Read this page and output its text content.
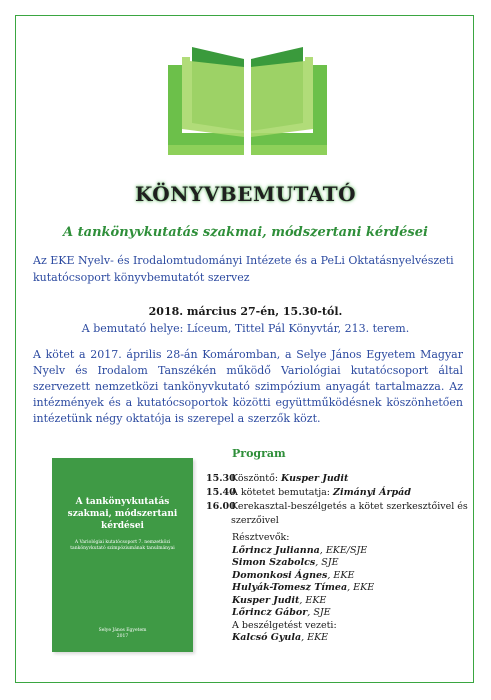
KÖNYVBEMUTATÓ
A tankönyvkutatás szakmai, módszertani kérdései
Az EKE Nyelv- és Irodalomtudományi Intézete és a PeLi Oktatásnyelvészeti kutatócsoport könyvbemutatót szervez
2018. március 27-én, 15.30-tól.
A bemutató helye: Líceum, Tittel Pál Könyvtár, 213. terem.
A kötet a 2017. április 28-án Komáromban, a Selye János Egyetem Magyar Nyelv és Irodalom Tanszékén működő Variológiai kutatócsoport által szervezett nemzetközi tankönyvkutató szimpózium anyagát tartalmazza. Az intézmények és a kutatócsoportok közötti együttműködésnek köszönhetően intézetünk négy oktatója is szerepel a szerzők közt.
Program
A tankönyvkutatás szakmai, módszertani kérdései
A Variológiai kutatócsoport 7. nemzetközi tankönyvkutató szimpóziumának tanulmányai
Selye János Egyetem
2017
15.30
Köszöntő: Kusper Judit
15.40
A kötetet bemutatja: Zimányi Árpád
16.00
Kerekasztal-beszélgetés a kötet szerkesztőivel és szerzőivel
Résztvevők:
Lőrincz Julianna, EKE/SJE
Simon Szabolcs, SJE
Domonkosi Ágnes, EKE
Hulyák-Tomesz Tímea, EKE
Kusper Judit, EKE
Lőrincz Gábor, SJE
A beszélgetést vezeti:
Kalcsó Gyula, EKE
